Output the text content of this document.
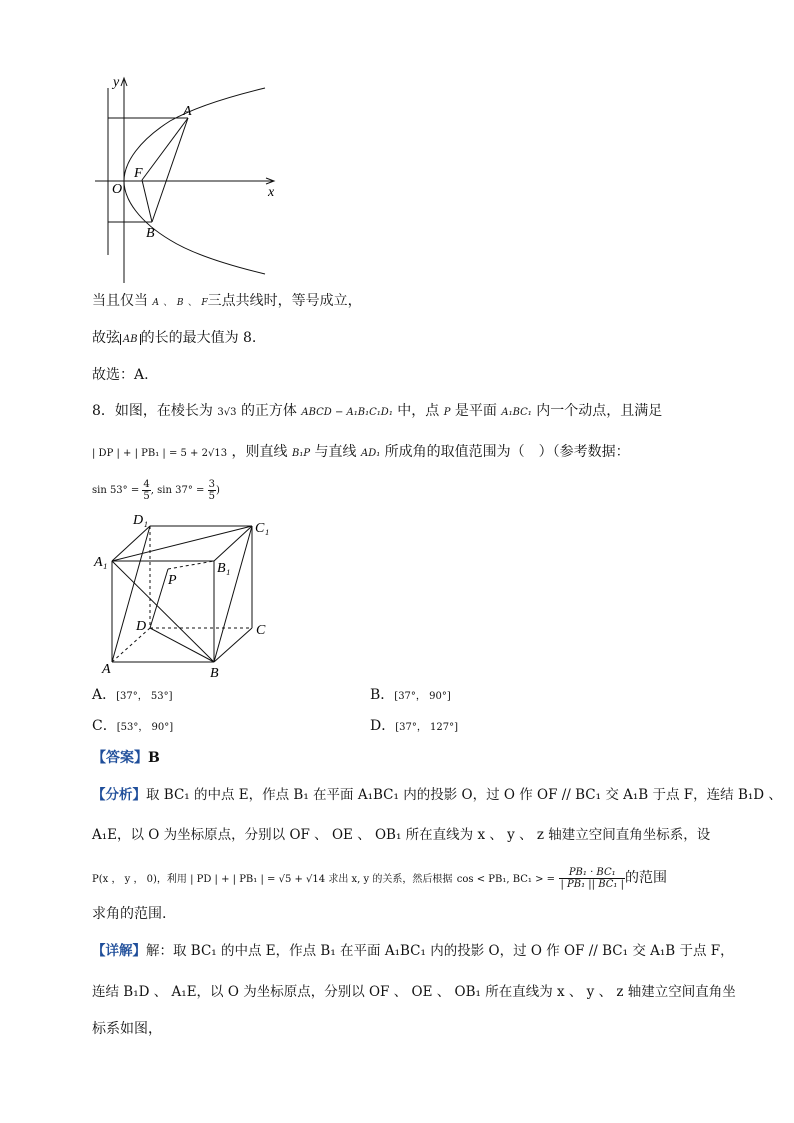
y
x
A
F
O
B
当且仅当 A 、 B 、 F三点共线时，等号成立，
故弦 AB 的长的最大值为 8.
故选：A.
8．如图，在棱长为 3√3 的正方体 ABCD − A₁B₁C₁D₁ 中，点 P 是平面 A₁BC₁ 内一个动点，且满足
| DP | + | PB₁ | = 5 + 2√13 ，则直线 B₁P 与直线 AD₁ 所成角的取值范围为（　）（参考数据：
$\sin 53^\circ = \frac{4}{5}$ , $\sin 37^\circ = \frac{3}{5}$ )
D₁
C₁
A₁	B₁
P
D	C
A	B
A．[37°， 53°]	B．[37°， 90°]
C．[53°， 90°]	D．[37°， 127°]
【答案】B
【分析】取 BC₁ 的中点 E，作点 B₁ 在平面 A₁BC₁ 内的投影 O，过 O 作 OF // BC₁ 交 A₁B 于点 F，连结 B₁D 、
A₁E，以 O 为坐标原点，分别以 OF 、 OE 、 OB₁ 所在直线为 x 、 y 、 z 轴建立空间直角坐标系，设
P(x ， y ， 0)，利用 | PD | + | PB₁ | = √5 + √14 求出 x, y 的关系，然后根据 cos < PB₁, BC₁ > = $\frac{\text{PB₁ · BC₁}}{\text{| PB₁ || BC₁ |}}$ 的范围
求角的范围.
【详解】解：取 BC₁ 的中点 E，作点 B₁ 在平面 A₁BC₁ 内的投影 O，过 O 作 OF // BC₁ 交 A₁B 于点 F，
连结 B₁D 、 A₁E，以 O 为坐标原点，分别以 OF 、 OE 、 OB₁ 所在直线为 x 、 y 、 z 轴建立空间直角坐
标系如图，
